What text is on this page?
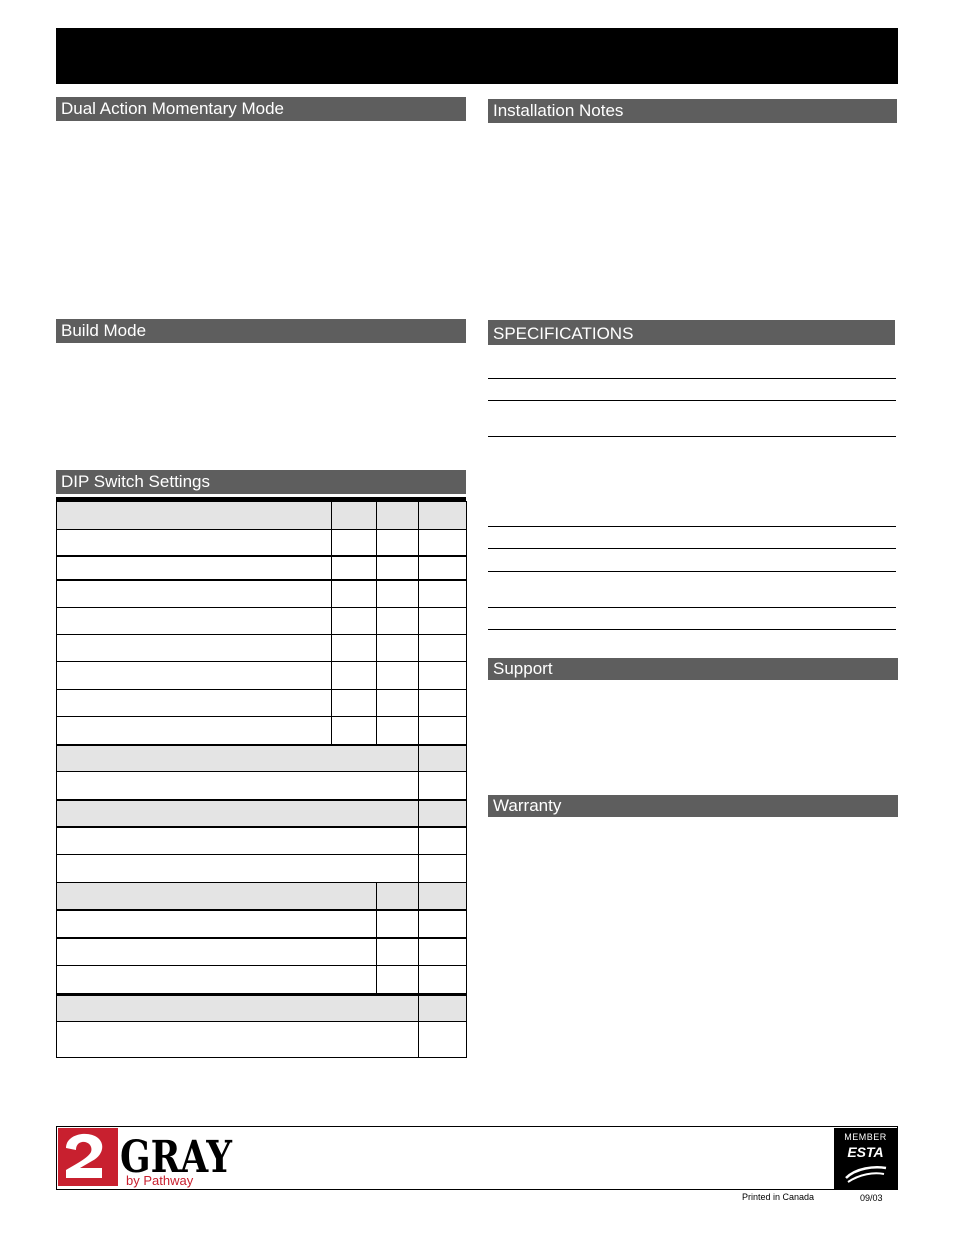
Dual Action Momentary Mode
Build Mode
DIP Switch Settings
Installation Notes
SPECIFICATIONS
Support
Warranty
GRAY
by Pathway
MEMBER
ESTA
Printed in Canada	09/03
